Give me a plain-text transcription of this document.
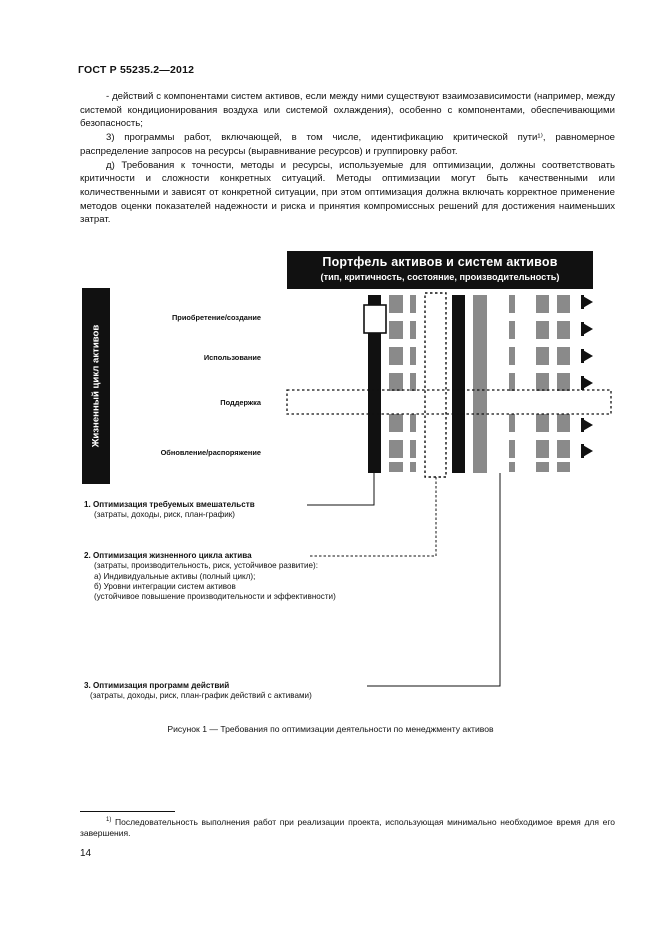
ГОСТ Р 55235.2—2012

- действий с компонентами систем активов, если между ними существуют взаимозависимости (например, между системой кондиционирования воздуха или системой охлаждения), особенно с компонентами, обеспечивающими безопасность;

3) программы работ, включающей, в том числе, идентификацию критической пути¹⁾, равномерное распределение запросов на ресурсы (выравнивание ресурсов) и группировку работ.

д) Требования к точности, методы и ресурсы, используемые для оптимизации, должны соответствовать критичности и сложности конкретных ситуаций. Методы оптимизации могут быть качественными или количественными и зависят от конкретной ситуации, при этом оптимизация должна включать корректное применение методов оценки показателей надежности и риска и принятия компромиссных решений для достижения наименьших затрат.

Портфель активов и систем активов
(тип, критичность, состояние, производительность)
Жизненный цикл активов
Приобретение/создание
Использование
Поддержка
Обновление/распоряжение
1. Оптимизация требуемых вмешательств
(затраты, доходы, риск, план-график)
2. Оптимизация жизненного цикла актива
(затраты, производительность, риск, устойчивое развитие):
а) Индивидуальные активы (полный цикл);
б) Уровни интеграции систем активов
(устойчивое повышение производительности и эффективности)
3. Оптимизация программ действий
(затраты, доходы, риск, план-график действий с активами)
Рисунок 1 — Требования по оптимизации деятельности по менеджменту активов
$^{1)}$ Последовательность выполнения работ при реализации проекта, использующая минимально необходимое время для его завершения.
14
